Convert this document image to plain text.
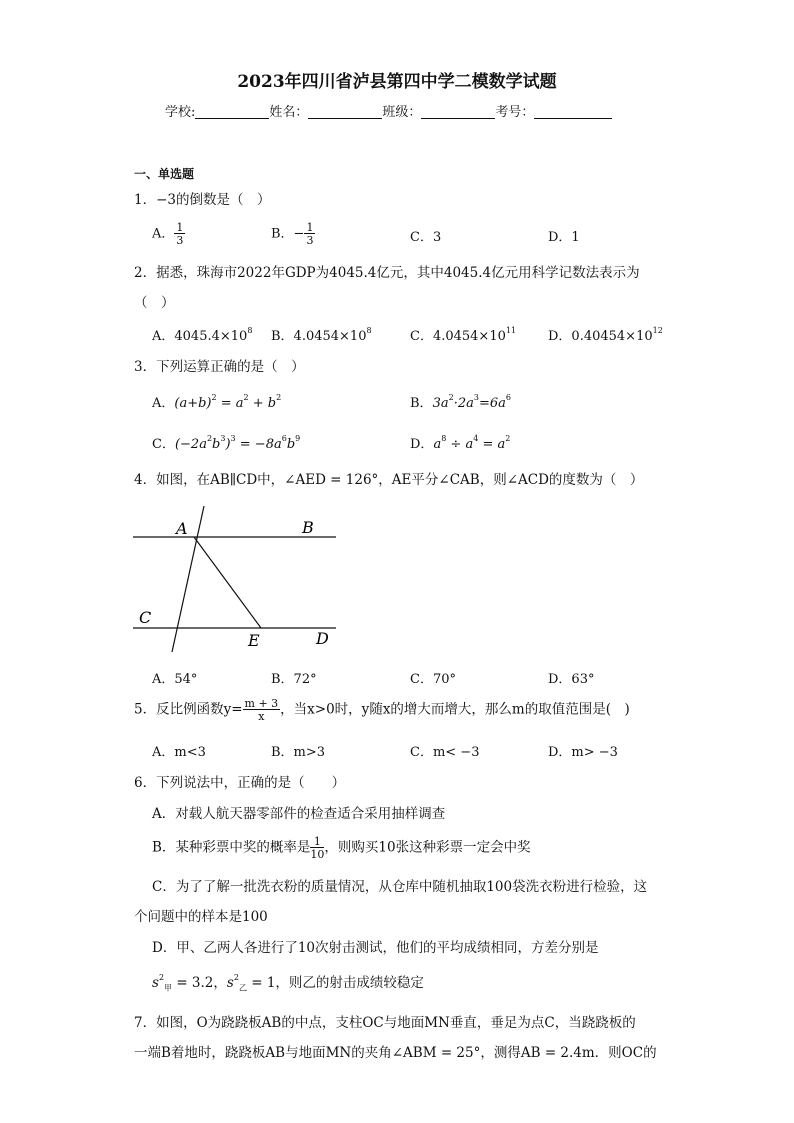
2023年四川省泸县第四中学二模数学试题
学校:	姓名：	班级：	考号：
一、单选题
1．−3的倒数是（　）
A． $\frac{1}{3}$	B．− $\frac{1}{3}$	C．3	D．1
2．据悉，珠海市2022年GDP为4045.4亿元，其中4045.4亿元用科学记数法表示为
（　）
A．$4045.4\times 10^8$ B．$4.0454\times 10^8$	C．$4.0454\times 10^{11}$ D．$0.40454\times 10^{12}$
3．下列运算正确的是（　）
A．$(a+b)^2 = a^2 + b^2$	B．$3a^2\cdot 2a^3=6a^6$
C．$(-2a^2b^3)^3 = -8a^6b^9$	D．$a^8 \div a^4 = a^2$
4．如图，在AB∥CD中，∠AED = 126°，AE平分∠CAB，则∠ACD的度数为（　）
A	B
C
E	D
A．54°	B．72°	C．70°	D．63°
5．反比例函数$y= \frac{m + 3}{x}$ ，当x>0时，y随x的增大而增大，那么m的取值范围是(　)
A．m<3	B．m>3	C．m< −3	D．m> −3
6．下列说法中，正确的是（　　）
A．对载人航天器零部件的检查适合采用抽样调查
B．某种彩票中奖的概率是 $\frac{1}{10}$ ，则购买10张这种彩票一定会中奖
C．为了了解一批洗衣粉的质量情况，从仓库中随机抽取100袋洗衣粉进行检验，这
个问题中的样本是100
D．甲、乙两人各进行了10次射击测试，他们的平均成绩相同，方差分别是
$s^2_甲 = 3.2$，$s^2_乙 = 1$，则乙的射击成绩较稳定
7．如图，O为跷跷板AB的中点，支柱OC与地面MN垂直，垂足为点C，当跷跷板的
一端B着地时，跷跷板AB与地面MN的夹角∠ABM = 25°，测得AB = 2.4m．则OC的
